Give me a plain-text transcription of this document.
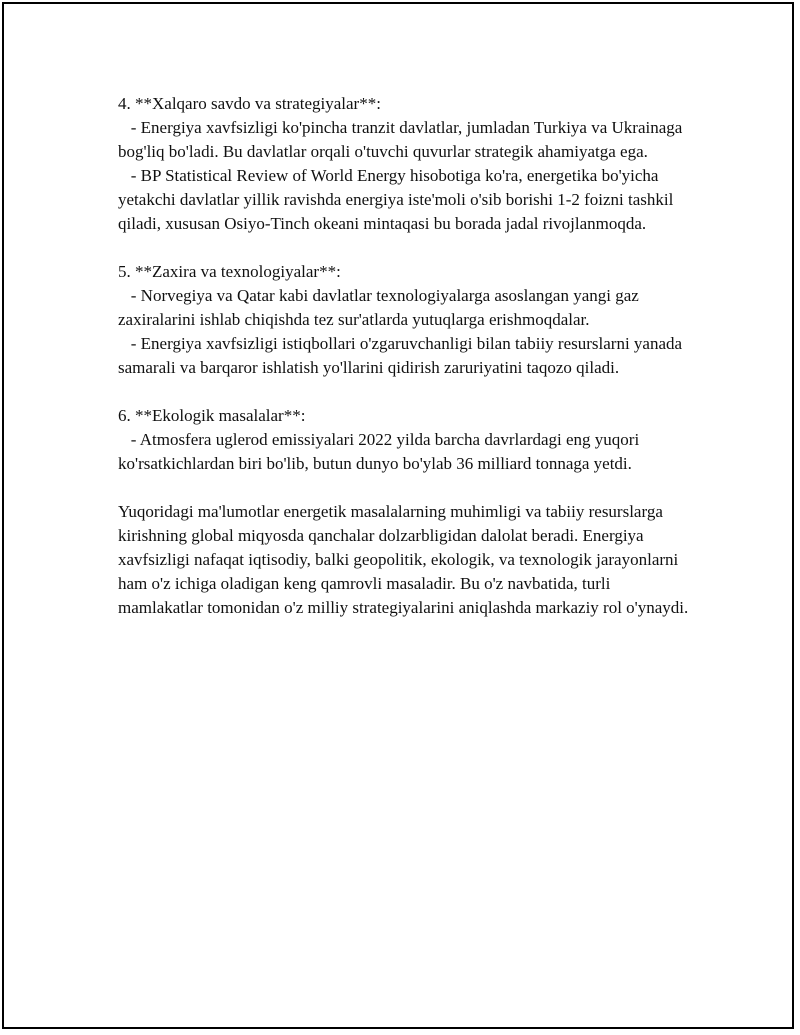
4. **Xalqaro savdo va strategiyalar**:

- Energiya xavfsizligi ko'pincha tranzit davlatlar, jumladan Turkiya va Ukrainaga bog'liq bo'ladi. Bu davlatlar orqali o'tuvchi quvurlar strategik ahamiyatga ega.

- BP Statistical Review of World Energy hisobotiga ko'ra, energetika bo'yicha yetakchi davlatlar yillik ravishda energiya iste'moli o'sib borishi 1-2 foizni tashkil qiladi, xususan Osiyo-Tinch okeani mintaqasi bu borada jadal rivojlanmoqda.

5. **Zaxira va texnologiyalar**:

- Norvegiya va Qatar kabi davlatlar texnologiyalarga asoslangan yangi gaz zaxiralarini ishlab chiqishda tez sur'atlarda yutuqlarga erishmoqdalar.

- Energiya xavfsizligi istiqbollari o'zgaruvchanligi bilan tabiiy resurslarni yanada samarali va barqaror ishlatish yo'llarini qidirish zaruriyatini taqozo qiladi.

6. **Ekologik masalalar**:

- Atmosfera uglerod emissiyalari 2022 yilda barcha davrlardagi eng yuqori ko'rsatkichlardan biri bo'lib, butun dunyo bo'ylab 36 milliard tonnaga yetdi.

Yuqoridagi ma'lumotlar energetik masalalarning muhimligi va tabiiy resurslarga kirishning global miqyosda qanchalar dolzarbligidan dalolat beradi. Energiya xavfsizligi nafaqat iqtisodiy, balki geopolitik, ekologik, va texnologik jarayonlarni ham o'z ichiga oladigan keng qamrovli masaladir. Bu o'z navbatida, turli mamlakatlar tomonidan o'z milliy strategiyalarini aniqlashda markaziy rol o'ynaydi.
